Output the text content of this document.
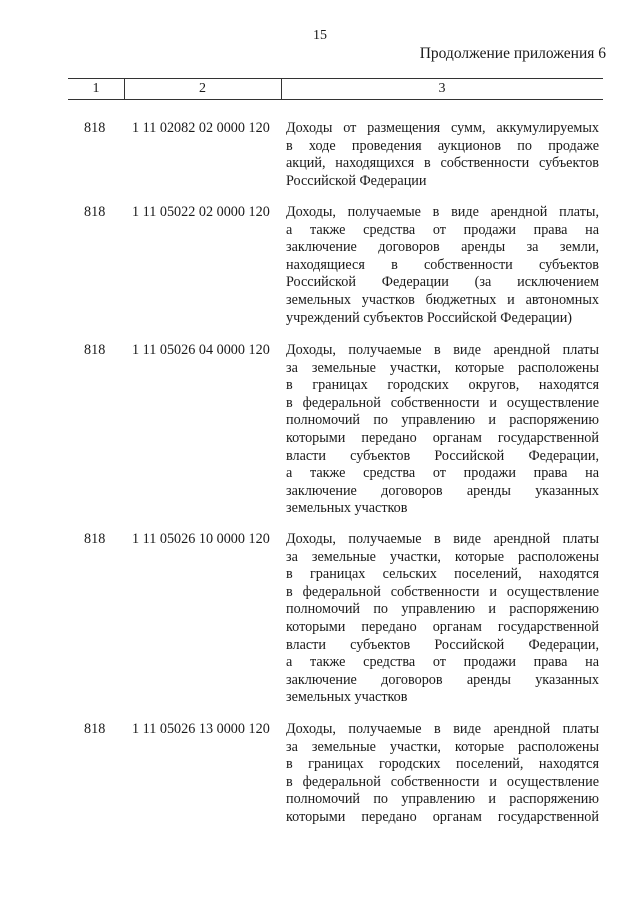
15
Продолжение приложения 6
1	2	3
818 1 11 02082 02 0000 120 Доходы от размещения сумм, аккумулируемых
в ходе проведения аукционов по продаже
акций, находящихся в собственности субъектов
Российской Федерации
818 1 11 05022 02 0000 120 Доходы, получаемые в виде арендной платы,
а также средства от продажи права на
заключение договоров аренды за земли,
находящиеся в собственности субъектов
Российской Федерации (за исключением
земельных участков бюджетных и автономных
учреждений субъектов Российской Федерации)
818 1 11 05026 04 0000 120 Доходы, получаемые в виде арендной платы
за земельные участки, которые расположены
в границах городских округов, находятся
в федеральной собственности и осуществление
полномочий по управлению и распоряжению
которыми передано органам государственной
власти субъектов Российской Федерации,
а также средства от продажи права на
заключение договоров аренды указанных
земельных участков
818 1 11 05026 10 0000 120 Доходы, получаемые в виде арендной платы
за земельные участки, которые расположены
в границах сельских поселений, находятся
в федеральной собственности и осуществление
полномочий по управлению и распоряжению
которыми передано органам государственной
власти субъектов Российской Федерации,
а также средства от продажи права на
заключение договоров аренды указанных
земельных участков
818 1 11 05026 13 0000 120 Доходы, получаемые в виде арендной платы
за земельные участки, которые расположены
в границах городских поселений, находятся
в федеральной собственности и осуществление
полномочий по управлению и распоряжению
которыми передано органам государственной
